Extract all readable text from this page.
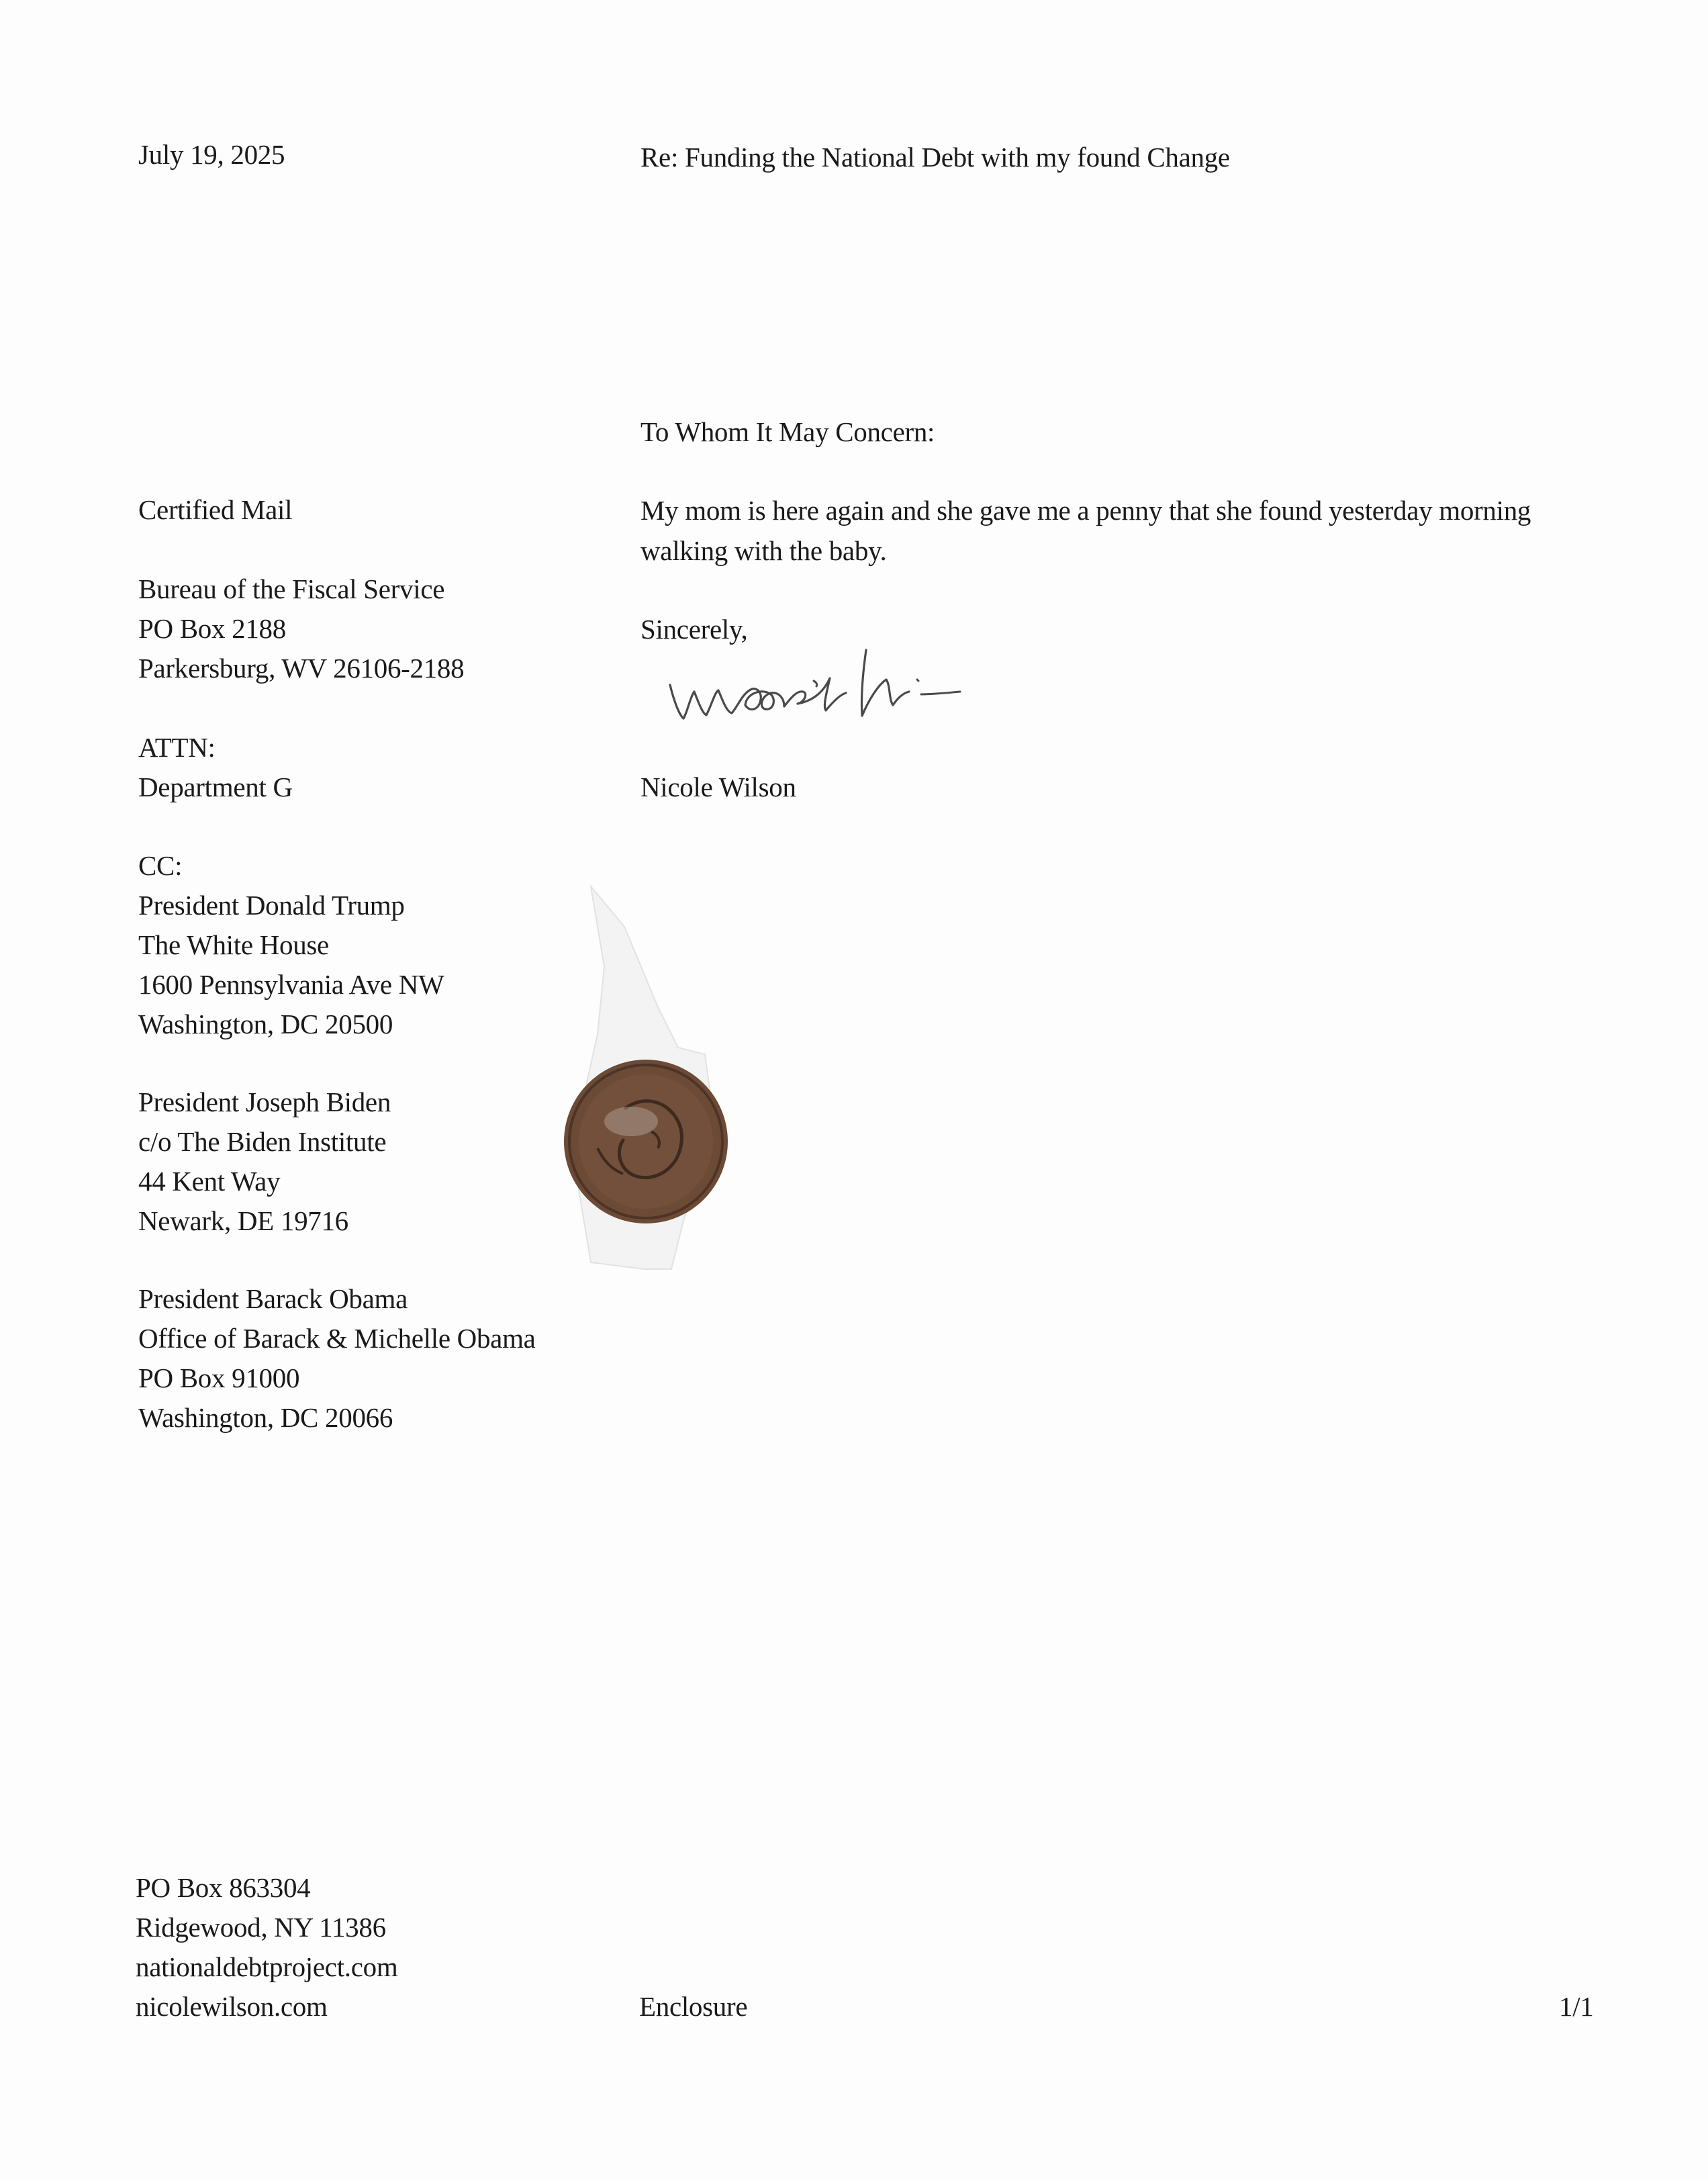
July 19, 2025	Re: Funding the National Debt with my found Change
To Whom It May Concern:
Certified Mail	My mom is here again and she gave me a penny that she found yesterday morning walking with the baby.
Sincerely,
Nicole Wilson
Bureau of the Fiscal Service
PO Box 2188
Parkersburg, WV 26106-2188
ATTN:
Department G
CC:
President Donald Trump
The White House
1600 Pennsylvania Ave NW
Washington, DC 20500
President Joseph Biden
c/o The Biden Institute
44 Kent Way
Newark, DE 19716
President Barack Obama
Office of Barack & Michelle Obama
PO Box 91000
Washington, DC 20066
PO Box 863304
Ridgewood, NY 11386
nationaldebtproject.com
nicolewilson.com	Enclosure	1/1
